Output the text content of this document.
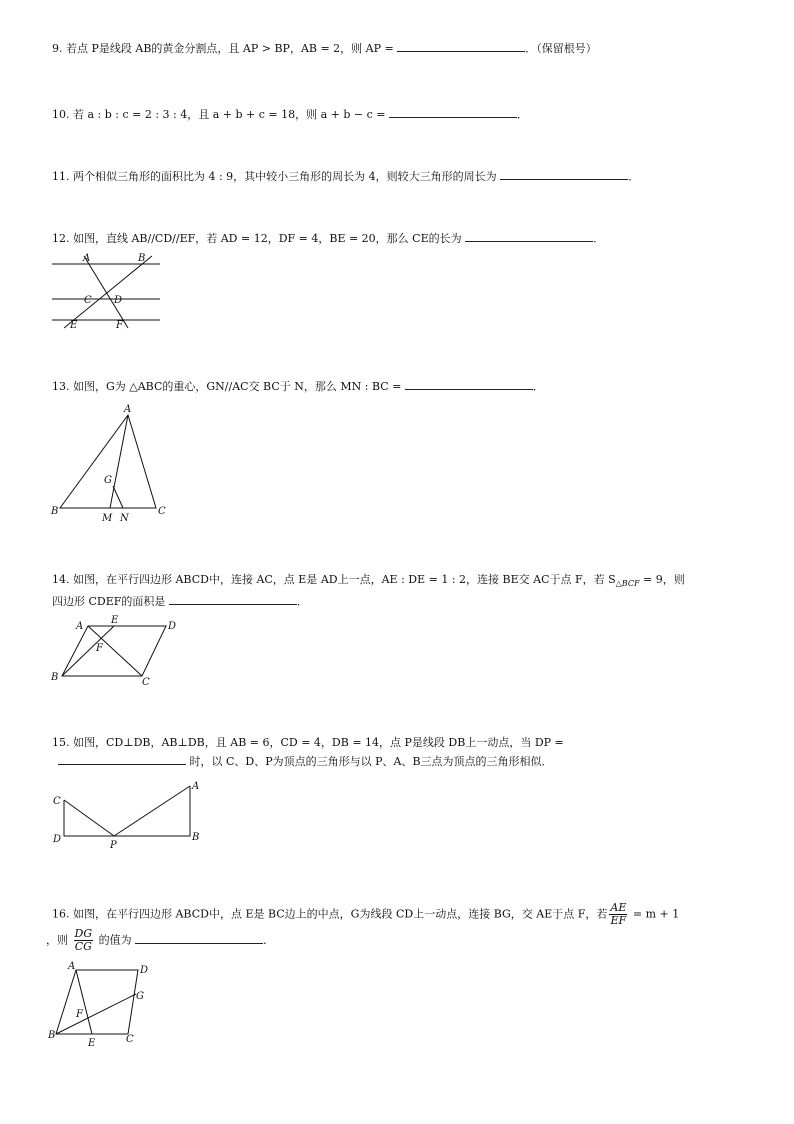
9. 若点 P是线段 AB的黄金分割点，且 AP > BP，AB = 2，则 AP =	．（保留根号）
10. 若 a : b : c = 2 : 3 : 4，且 a + b + c = 18，则 a + b − c =	．
11. 两个相似三角形的面积比为 4 : 9，其中较小三角形的周长为 4，则较大三角形的周长为	．
12. 如图，直线 AB//CD//EF，若 AD = 12，DF = 4，BE = 20，那么 CE的长为	．
A	B
C D
E	F
13. 如图，G为 △ABC的重心，GN//AC交 BC于 N，那么 MN : BC =	．
A
G
B
M N
C
14. 如图，在平行四边形 ABCD中，连接 AC，点 E是 AD上一点，AE : DE = 1 : 2，连接 BE交 AC于点 F，若 $S_{\triangle BCF} = 9$，则
四边形 CDEF的面积是	．
A
E
D
F
B	C
15. 如图，CD⊥DB，AB⊥DB，且 AB = 6，CD = 4，DB = 14，点 P是线段 DB上一动点，当 DP =
时，以 C、D、P为顶点的三角形与以 P、A、B三点为顶点的三角形相似．
C
A
D
P
B
16. 如图，在平行四边形 ABCD中，点 E是 BC边上的中点，G为线段 CD上一动点，连接 BG，交 AE于点 F，若 $\frac{AE}{EF} = m + 1$
，则 $\frac{DG}{CG}$ 的值为	．
A	D
G
F
B
E	C
